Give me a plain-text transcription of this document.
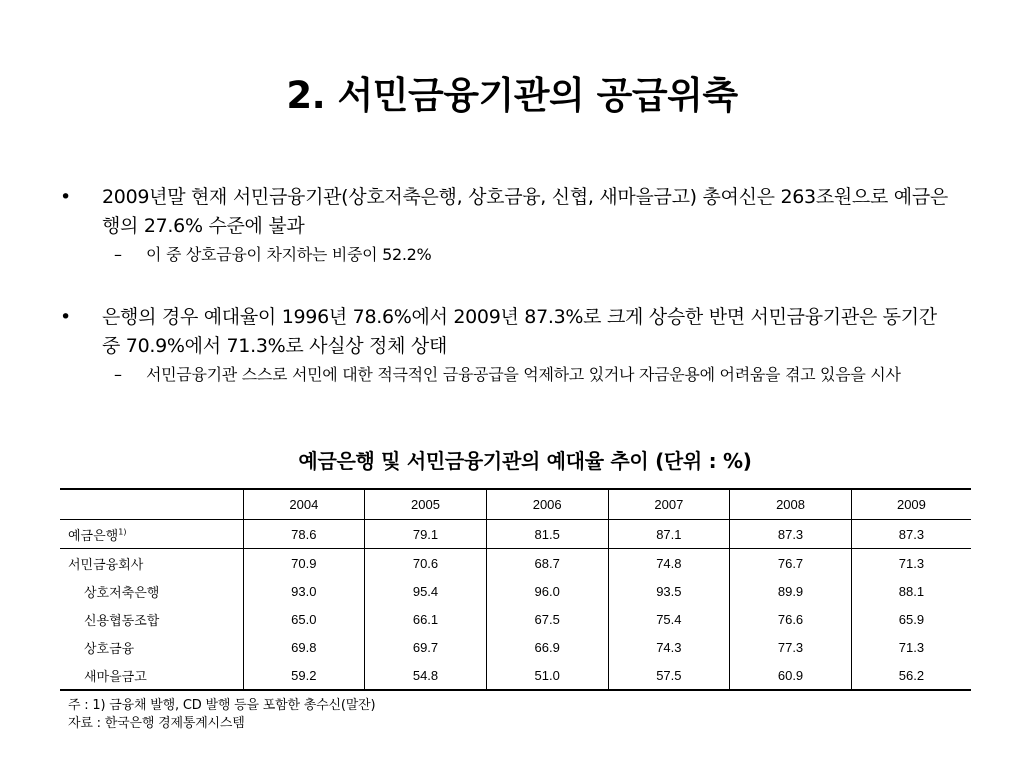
2. 서민금융기관의 공급위축
• 2009년말 현재 서민금융기관(상호저축은행, 상호금융, 신협, 새마을금고) 총여신은 263조원으로 예금은행의 27.6% 수준에 불과
– 이 중 상호금융이 차지하는 비중이 52.2%
• 은행의 경우 예대율이 1996년 78.6%에서 2009년 87.3%로 크게 상승한 반면 서민금융기관은 동기간 중 70.9%에서 71.3%로 사실상 정체 상태
– 서민금융기관 스스로 서민에 대한 적극적인 금융공급을 억제하고 있거나 자금운용에 어려움을 겪고 있음을 시사
예금은행 및 서민금융기관의 예대율 추이 (단위 : %)
	2004	2005	2006	2007	2008	2009
예금은행$^{1)}$	78.6	79.1	81.5	87.1	87.3	87.3
서민금융회사	70.9	70.6	68.7	74.8	76.7	71.3
상호저축은행	93.0	95.4	96.0	93.5	89.9	88.1
신용협동조합	65.0	66.1	67.5	75.4	76.6	65.9
상호금융	69.8	69.7	66.9	74.3	77.3	71.3
새마을금고	59.2	54.8	51.0	57.5	60.9	56.2
주 : 1) 금융채 발행, CD 발행 등을 포함한 총수신(말잔)
자료 : 한국은행 경제통계시스템
